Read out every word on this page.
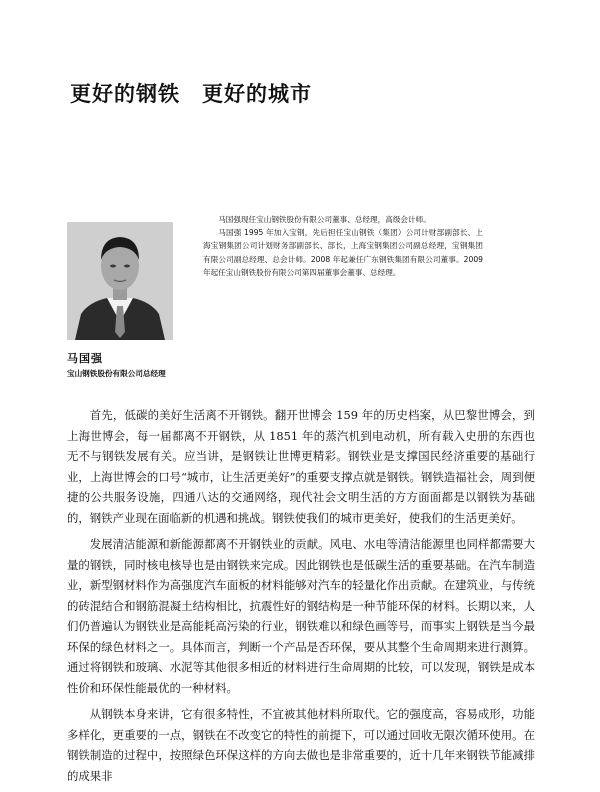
更好的钢铁　更好的城市

马国强现任宝山钢铁股份有限公司董事、总经理，高级会计师。

马国强 1995 年加入宝钢，先后担任宝山钢铁（集团）公司计财部副部长、上海宝钢集团公司计划财务部副部长、部长，上海宝钢集团公司副总经理，宝钢集团有限公司副总经理、总会计师。2008 年起兼任广东钢铁集团有限公司董事。2009 年起任宝山钢铁股份有限公司第四届董事会董事、总经理。

马国强
宝山钢铁股份有限公司总经理

首先，低碳的美好生活离不开钢铁。翻开世博会 159 年的历史档案，从巴黎世博会，到上海世博会，每一届都离不开钢铁，从 1851 年的蒸汽机到电动机，所有载入史册的东西也无不与钢铁发展有关。应当讲，是钢铁让世博更精彩。钢铁业是支撑国民经济重要的基础行业，上海世博会的口号“城市，让生活更美好”的重要支撑点就是钢铁。钢铁造福社会，周到便捷的公共服务设施，四通八达的交通网络，现代社会文明生活的方方面面都是以钢铁为基础的，钢铁产业现在面临新的机遇和挑战。钢铁使我们的城市更美好，使我们的生活更美好。

发展清洁能源和新能源都离不开钢铁业的贡献。风电、水电等清洁能源里也同样都需要大量的钢铁，同时核电核导也是由钢铁来完成。因此钢铁也是低碳生活的重要基础。在汽车制造业，新型钢材料作为高强度汽车面板的材料能够对汽车的轻量化作出贡献。在建筑业，与传统的砖混结合和钢筋混凝土结构相比，抗震性好的钢结构是一种节能环保的材料。长期以来，人们仍普遍认为钢铁业是高能耗高污染的行业，钢铁难以和绿色画等号，而事实上钢铁是当今最环保的绿色材料之一。具体而言，判断一个产品是否环保，要从其整个生命周期来进行测算。通过将钢铁和玻璃、水泥等其他很多相近的材料进行生命周期的比较，可以发现，钢铁是成本性价和环保性能最优的一种材料。

从钢铁本身来讲，它有很多特性，不宜被其他材料所取代。它的强度高，容易成形，功能多样化，更重要的一点，钢铁在不改变它的特性的前提下，可以通过回收无限次循环使用。在钢铁制造的过程中，按照绿色环保这样的方向去做也是非常重要的，近十几年来钢铁节能减排的成果非
